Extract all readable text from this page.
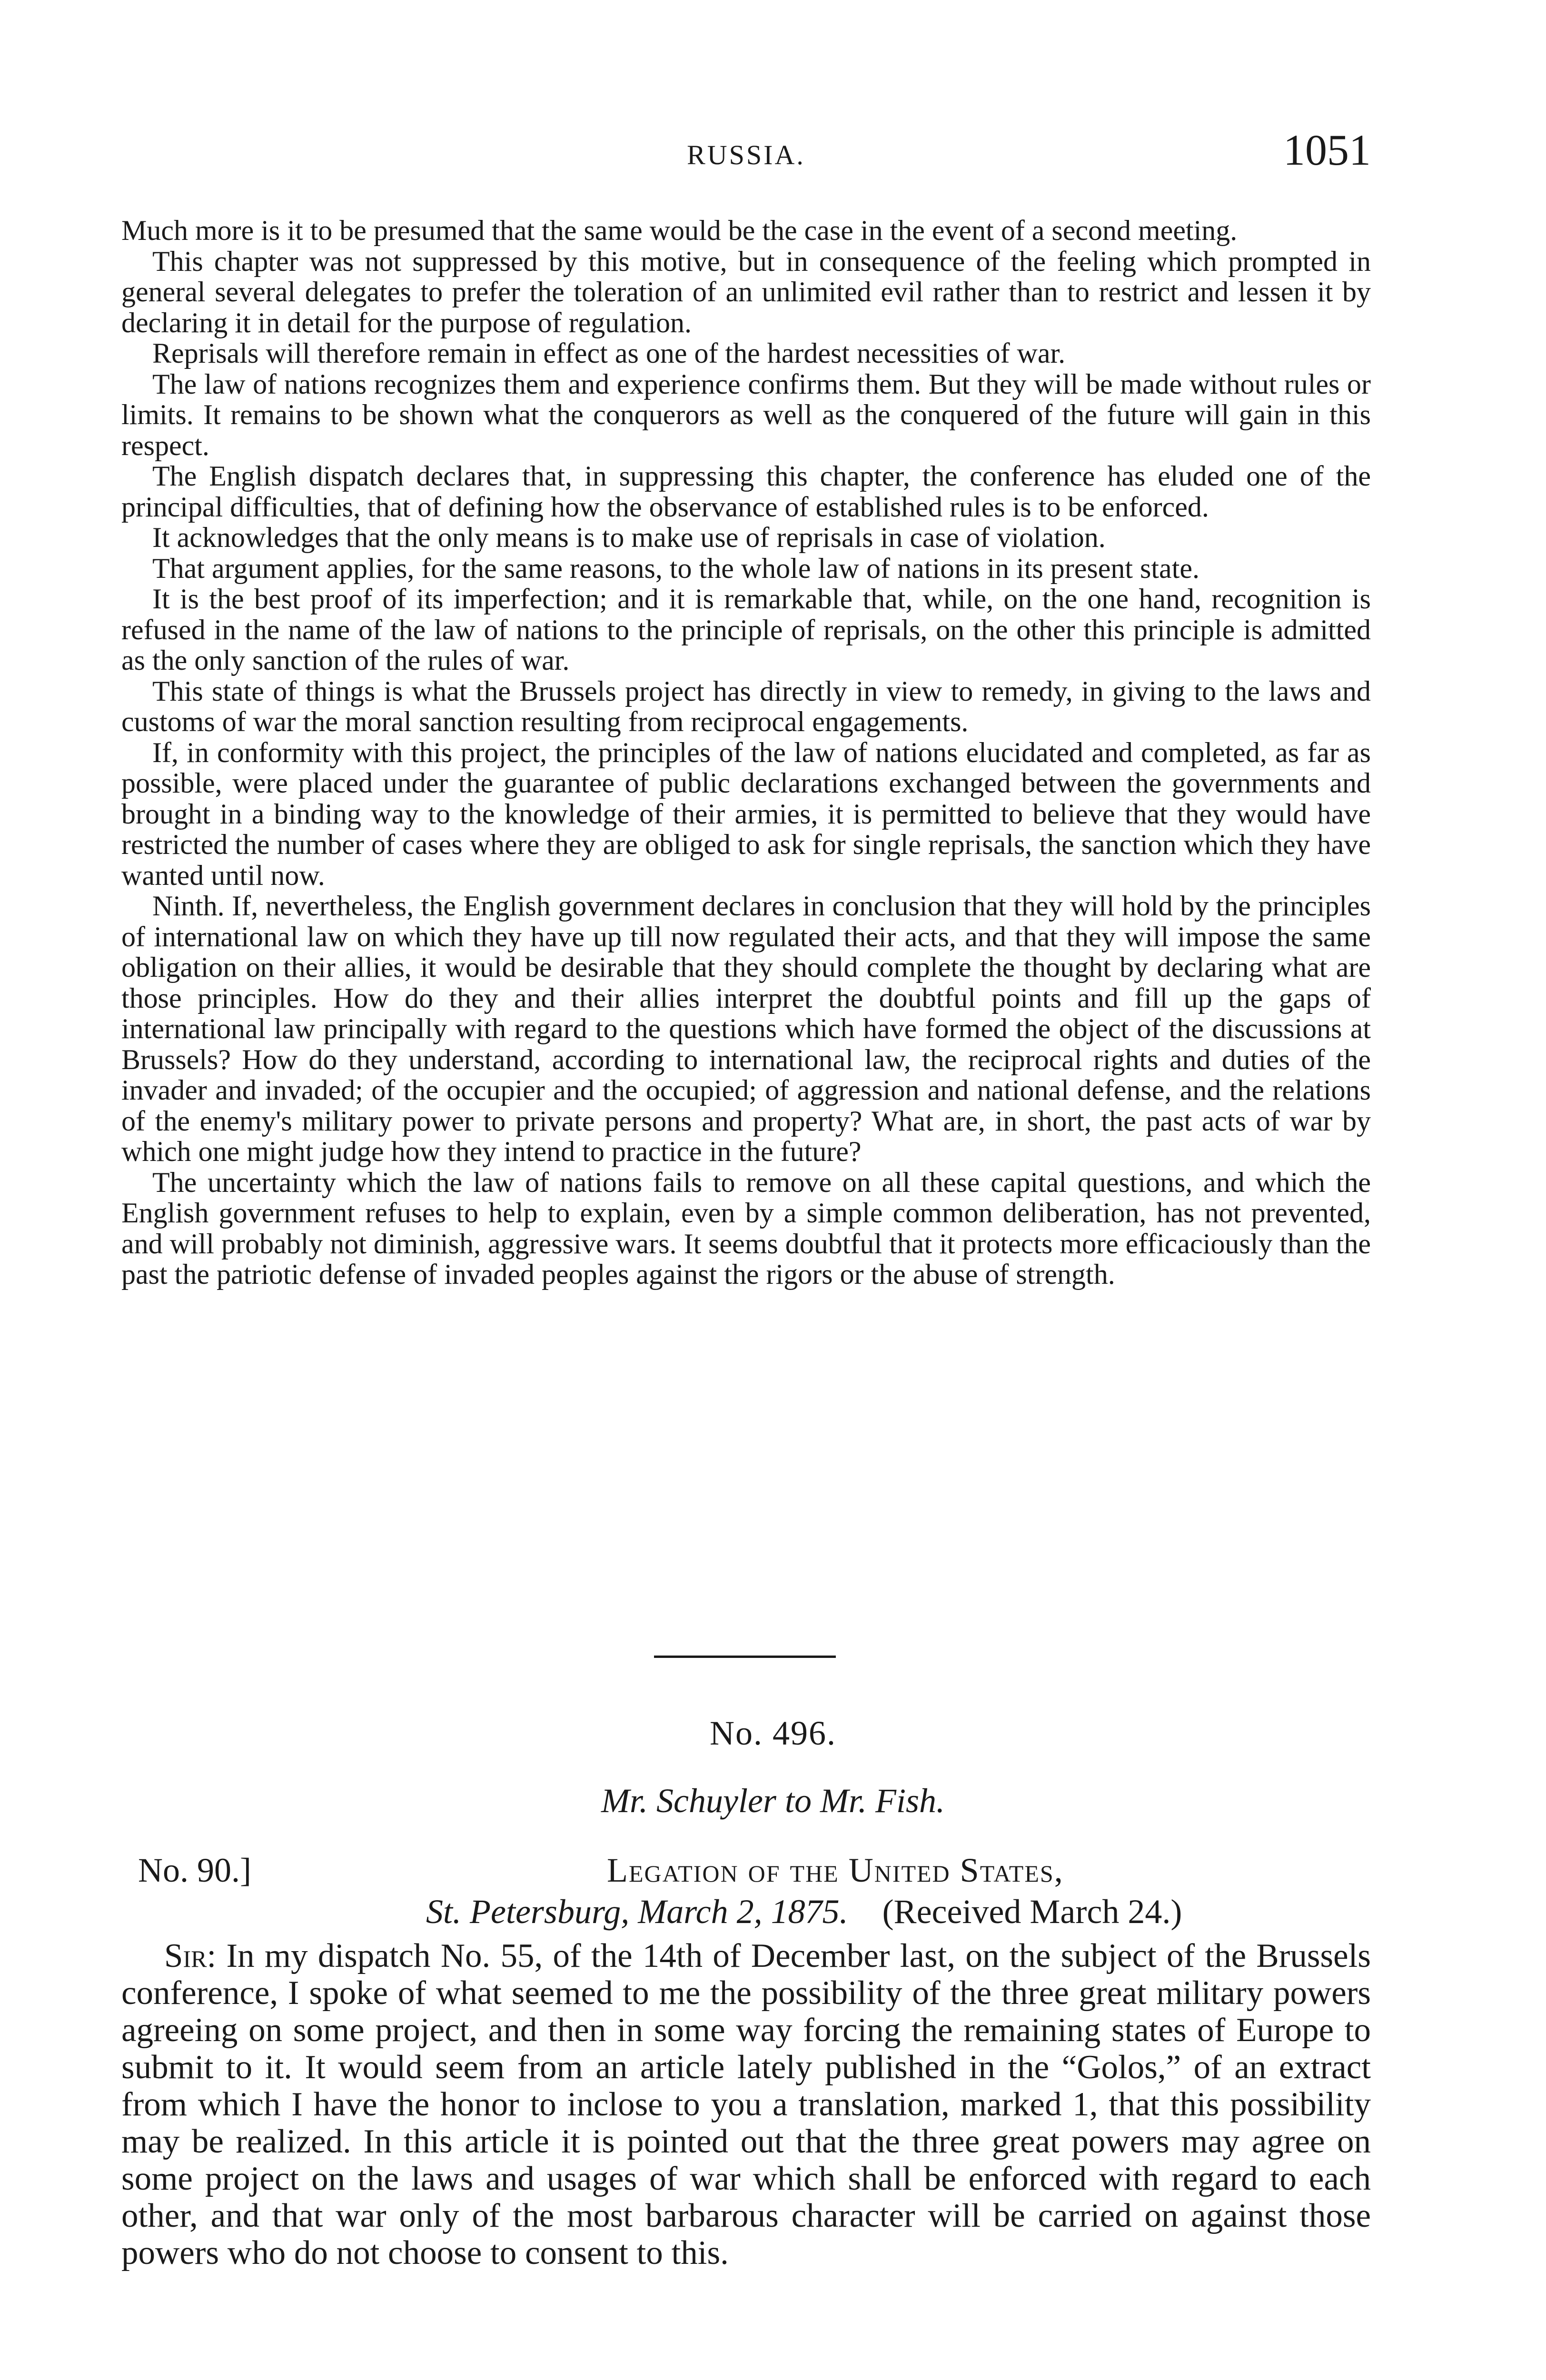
RUSSIA.	1051

Much more is it to be presumed that the same would be the case in the event of a second meeting.

This chapter was not suppressed by this motive, but in consequence of the feeling which prompted in general several delegates to prefer the toleration of an unlimited evil rather than to restrict and lessen it by declaring it in detail for the purpose of regulation.

Reprisals will therefore remain in effect as one of the hardest necessities of war.

The law of nations recognizes them and experience confirms them. But they will be made without rules or limits. It remains to be shown what the conquerors as well as the conquered of the future will gain in this respect.

The English dispatch declares that, in suppressing this chapter, the conference has eluded one of the principal difficulties, that of defining how the observance of established rules is to be enforced.

It acknowledges that the only means is to make use of reprisals in case of violation.

That argument applies, for the same reasons, to the whole law of nations in its present state.

It is the best proof of its imperfection; and it is remarkable that, while, on the one hand, recognition is refused in the name of the law of nations to the principle of reprisals, on the other this principle is admitted as the only sanction of the rules of war.

This state of things is what the Brussels project has directly in view to remedy, in giving to the laws and customs of war the moral sanction resulting from reciprocal engagements.

If, in conformity with this project, the principles of the law of nations elucidated and completed, as far as possible, were placed under the guarantee of public declarations exchanged between the governments and brought in a binding way to the knowledge of their armies, it is permitted to believe that they would have restricted the number of cases where they are obliged to ask for single reprisals, the sanction which they have wanted until now.

Ninth. If, nevertheless, the English government declares in conclusion that they will hold by the principles of international law on which they have up till now regulated their acts, and that they will impose the same obligation on their allies, it would be desirable that they should complete the thought by declaring what are those principles. How do they and their allies interpret the doubtful points and fill up the gaps of international law principally with regard to the questions which have formed the object of the discussions at Brussels? How do they understand, according to international law, the reciprocal rights and duties of the invader and invaded; of the occupier and the occupied; of aggression and national defense, and the relations of the enemy's military power to private persons and property? What are, in short, the past acts of war by which one might judge how they intend to practice in the future?

The uncertainty which the law of nations fails to remove on all these capital questions, and which the English government refuses to help to explain, even by a simple common deliberation, has not prevented, and will probably not diminish, aggressive wars. It seems doubtful that it protects more efficaciously than the past the patriotic defense of invaded peoples against the rigors or the abuse of strength.

No. 496.
Mr. Schuyler to Mr. Fish.
No. 90.]	Legation of the United States,
St. Petersburg, March 2, 1875. (Received March 24.)

Sir: In my dispatch No. 55, of the 14th of December last, on the subject of the Brussels conference, I spoke of what seemed to me the possibility of the three great military powers agreeing on some project, and then in some way forcing the remaining states of Europe to submit to it. It would seem from an article lately published in the “Golos,” of an extract from which I have the honor to inclose to you a translation, marked 1, that this possibility may be realized. In this article it is pointed out that the three great powers may agree on some project on the laws and usages of war which shall be enforced with regard to each other, and that war only of the most barbarous character will be carried on against those powers who do not choose to consent to this.
